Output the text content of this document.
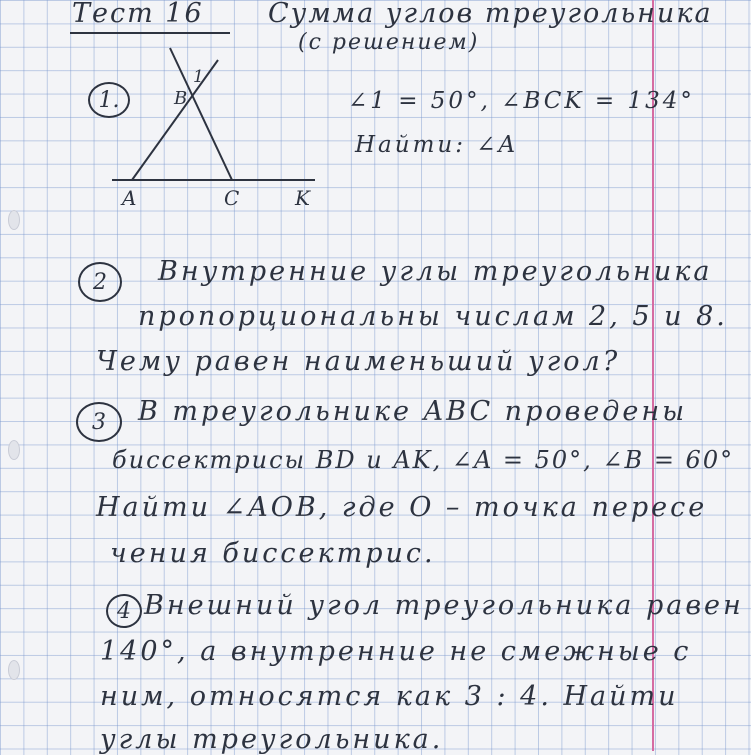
Тест 16 Сумма углов треугольника
(с решением)
1.
A
B
C	K
1
∠1 = 50°, ∠BCK = 134°
Найти: ∠A
2	Внутренние углы треугольника
пропорциональны числам 2, 5 и 8.
Чему равен наименьший угол?
3	В треугольнике ABC проведены
биссектрисы BD и AK, ∠A = 50°, ∠B = 60°
Найти ∠AOB, где O – точка пересе
чения биссектрис.
4 Внешний угол треугольника равен
140°, а внутренние не смежные с
ним, относятся как 3 : 4. Найти
углы треугольника.
